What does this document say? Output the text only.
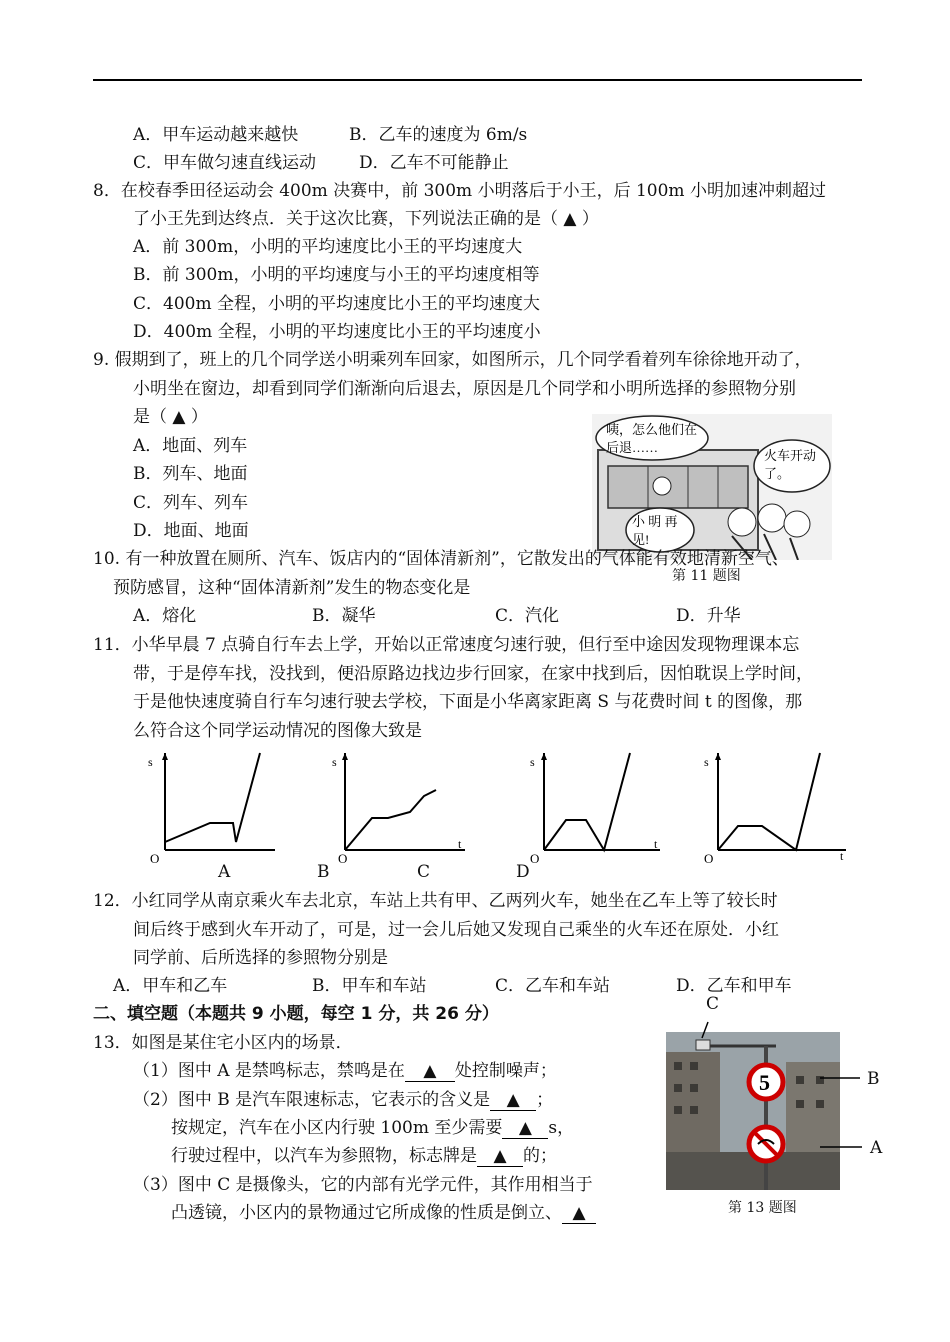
A．甲车运动越来越快	B．乙车的速度为 6m/s
C．甲车做匀速直线运动	D．乙车不可能静止
8．在校春季田径运动会 400m 决赛中，前 300m 小明落后于小王，后 100m 小明加速冲刺超过
了小王先到达终点．关于这次比赛，下列说法正确的是（ ▲ ）
A．前 300m，小明的平均速度比小王的平均速度大
B．前 300m，小明的平均速度与小王的平均速度相等
C．400m 全程，小明的平均速度比小王的平均速度大
D．400m 全程，小明的平均速度比小王的平均速度小
9. 假期到了，班上的几个同学送小明乘列车回家，如图所示，几个同学看着列车徐徐地开动了，
小明坐在窗边，却看到同学们渐渐向后退去，原因是几个同学和小明所选择的参照物分别
是（ ▲ ）
A．地面、列车
B．列车、地面
C．列车、列车
D．地面、地面
咦，怎么他们在
后退……
火车开动
了。
小 明 再
见!
第 11 题图
10. 有一种放置在厕所、汽车、饭店内的“固体清新剂”，它散发出的气体能有效地清新空气、
预防感冒，这种“固体清新剂”发生的物态变化是
A．熔化	B．凝华	C．汽化	D．升华
11．小华早晨 7 点骑自行车去上学，开始以正常速度匀速行驶，但行至中途因发现物理课本忘
带，于是停车找，没找到，便沿原路边找边步行回家，在家中找到后，因怕耽误上学时间，
于是他快速度骑自行车匀速行驶去学校，下面是小华离家距离 S 与花费时间 t 的图像，那
么符合这个同学运动情况的图像大致是
s
O
A
s
O
t
B	C
s
O
t
D
s
O	t
12．小红同学从南京乘火车去北京，车站上共有甲、乙两列火车，她坐在乙车上等了较长时
间后终于感到火车开动了，可是，过一会儿后她又发现自己乘坐的火车还在原处．小红
同学前、后所选择的参照物分别是
A．甲车和乙车	B．甲车和车站	C．乙车和车站	D．乙车和甲车
二、填空题（本题共 9 小题，每空 1 分，共 26 分）
13．如图是某住宅小区内的场景．
（1）图中 A 是禁鸣标志，禁鸣是在 ▲ 处控制噪声；
（2）图中 B 是汽车限速标志，它表示的含义是 ▲ ；
按规定，汽车在小区内行驶 100m 至少需要 ▲ s，
行驶过程中，以汽车为参照物，标志牌是 ▲ 的；
（3）图中 C 是摄像头，它的内部有光学元件，其作用相当于
凸透镜，小区内的景物通过它所成像的性质是倒立、 ▲
5
C
B
A
第 13 题图
